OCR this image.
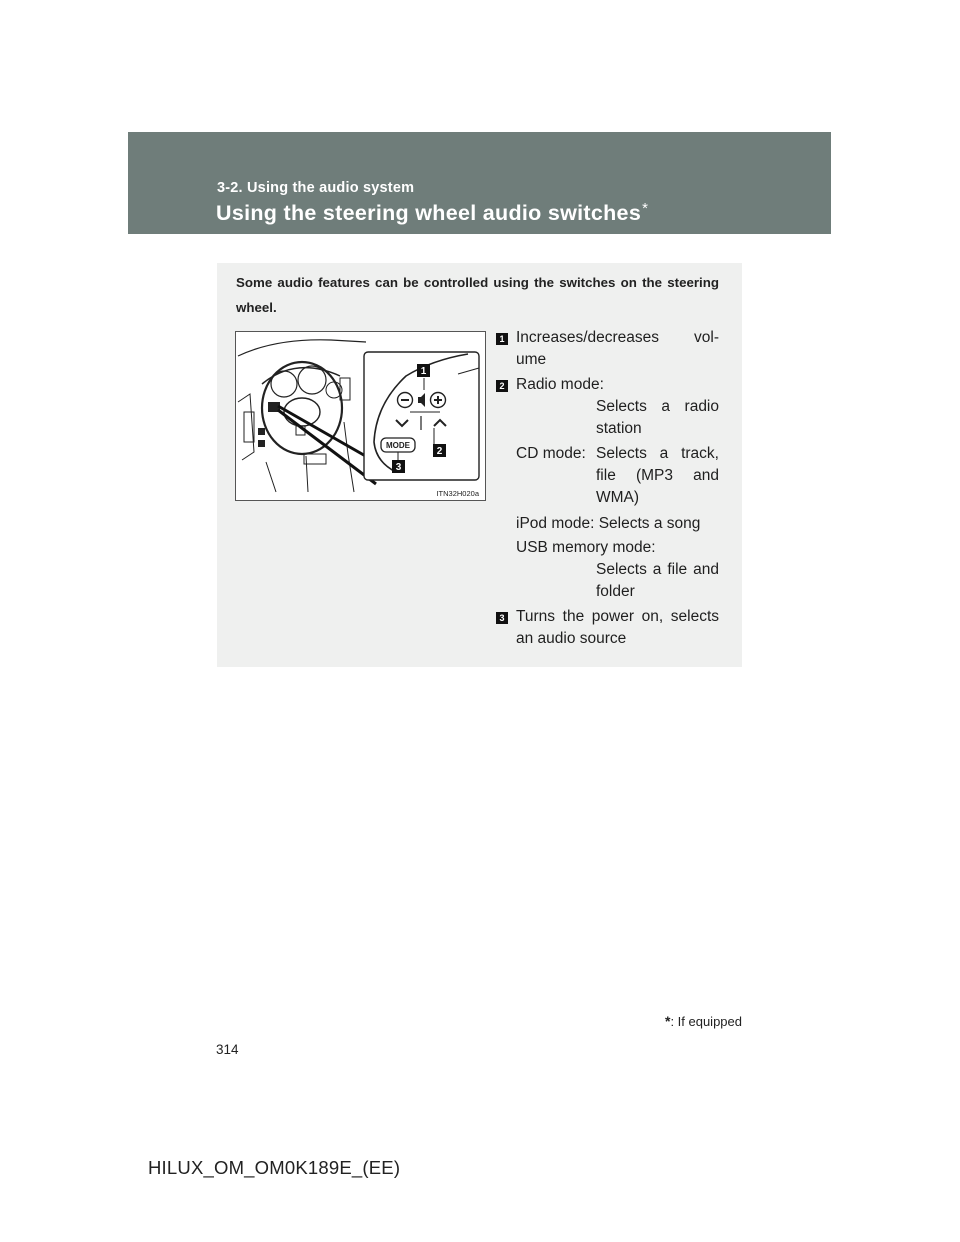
3-2. Using the audio system
Using the steering wheel audio switches*
Some audio features can be controlled using the switches on the steering wheel.
MODE
1
2
3
ITN32H020a
1 Increases/decreases vol-
ume
2 Radio mode:
Selects a radio
station
CD mode: Selects a track,
file (MP3 and
WMA)
iPod mode: Selects a song
USB memory mode:
Selects a file and
folder
3 Turns the power on, selects
an audio source
*: If equipped
314
HILUX_OM_OM0K189E_(EE)
